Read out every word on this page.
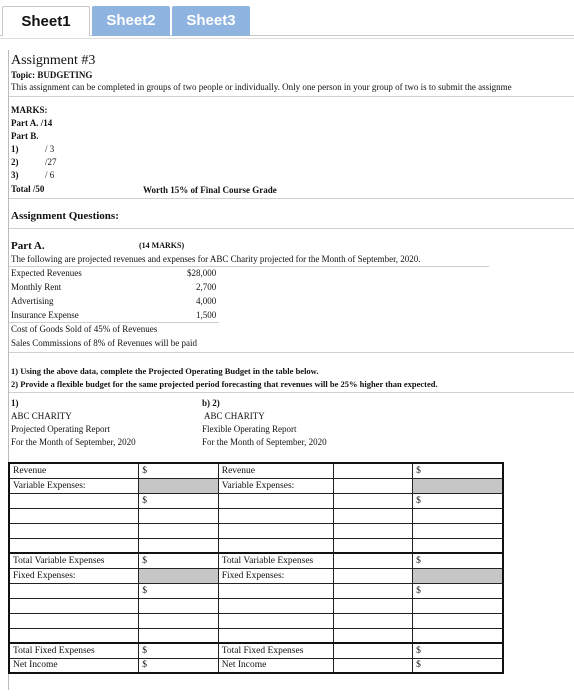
Sheet1	Sheet2	Sheet3
Assignment #3
Topic: BUDGETING
This assignment can be completed in groups of two people or individually. Only one person in your group of two is to submit the assignme
MARKS:
Part A. /14
Part B.
1)	/ 3
2)	/27
3)	/ 6
Total /50	Worth 15% of Final Course Grade
Assignment Questions:
Part A.	(14 MARKS)
The following are projected revenues and expenses for ABC Charity projected for the Month of September, 2020.
Expected Revenues	$28,000
Monthly Rent	2,700
Advertising	4,000
Insurance Expense	1,500
Cost of Goods Sold of 45% of Revenues
Sales Commissions of 8% of Revenues will be paid
1) Using the above data, complete the Projected Operating Budget in the table below.
2) Provide a flexible budget for the same projected period forecasting that revenues will be 25% higher than expected.
1)
ABC CHARITY
Projected Operating Report
For the Month of September, 2020
b) 2)
ABC CHARITY
Flexible Operating Report
For the Month of September, 2020
Revenue	$	Revenue		$
Variable Expenses:		Variable Expenses:		
	$			$

Total Variable Expenses	$	Total Variable Expenses		$
Fixed Expenses:		Fixed Expenses:		
	$			$

Total Fixed Expenses	$	Total Fixed Expenses		$
Net Income	$	Net Income		$
